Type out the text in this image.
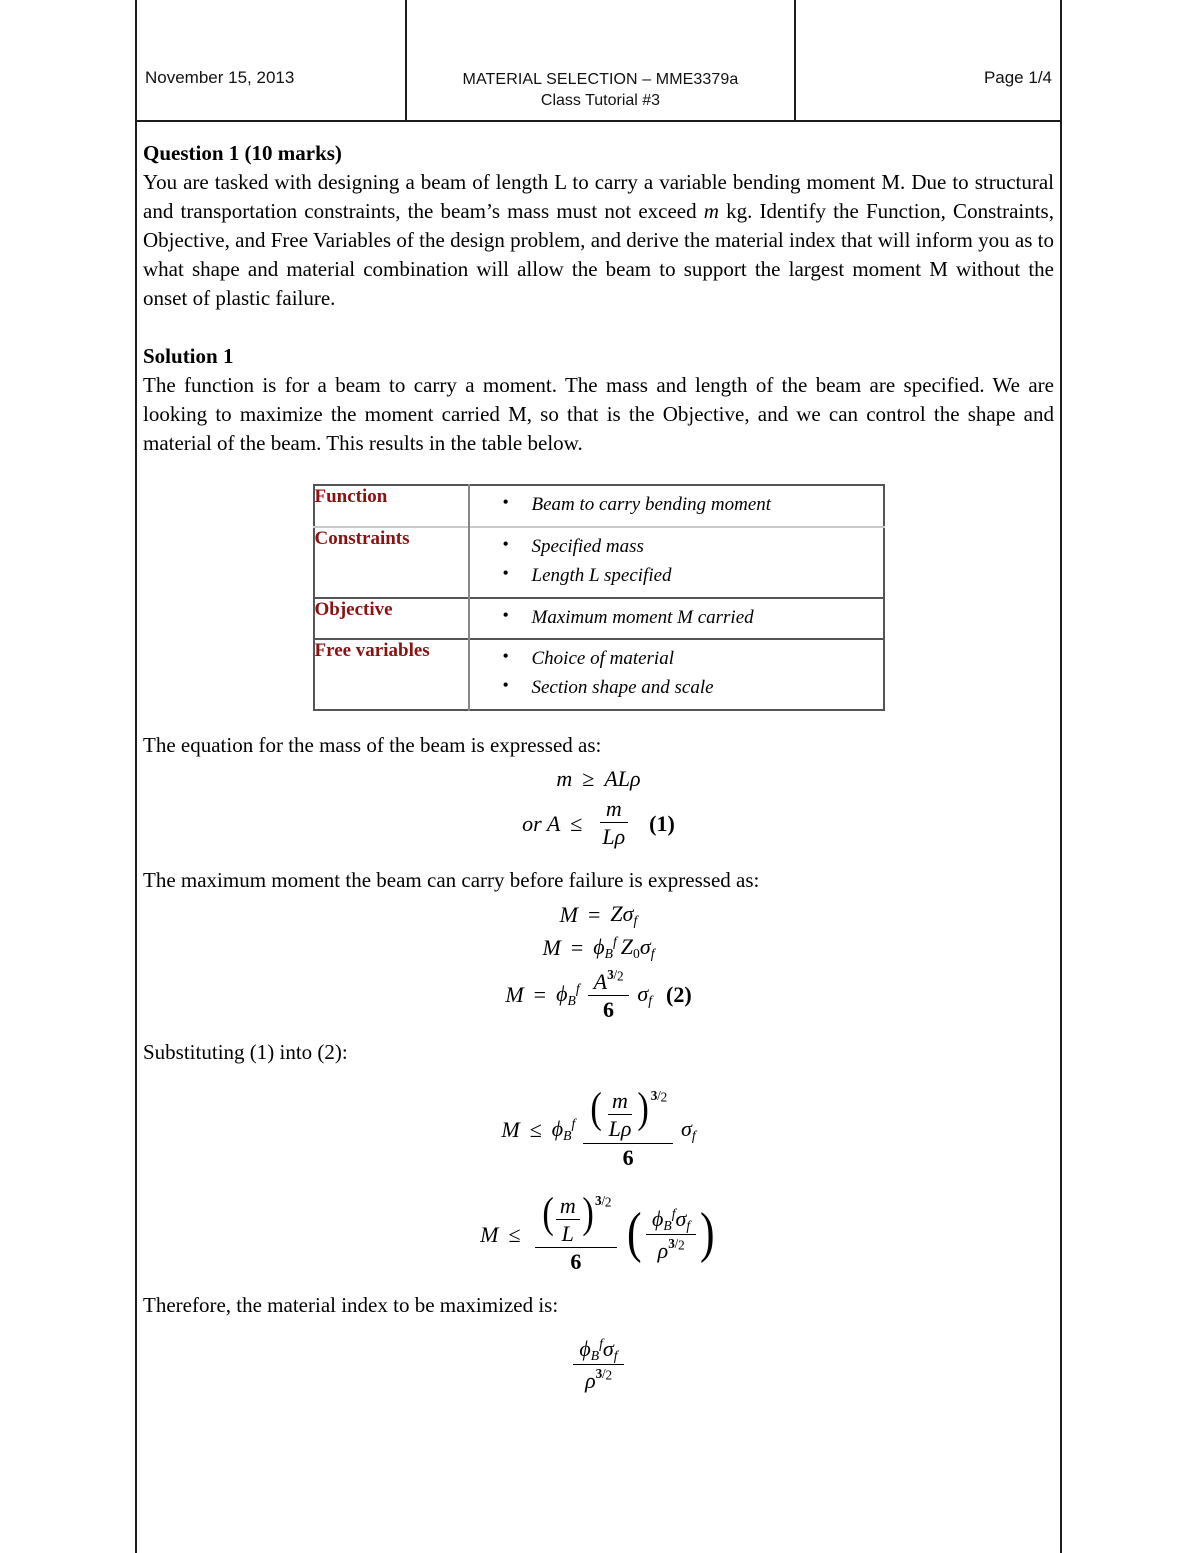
November 15, 2013	MATERIAL SELECTION – MME3379a
Class Tutorial #3
Page 1/4
Question 1 (10 marks)

You are tasked with designing a beam of length L to carry a variable bending moment M. Due to structural and transportation constraints, the beam’s mass must not exceed m kg. Identify the Function, Constraints, Objective, and Free Variables of the design problem, and derive the material index that will inform you as to what shape and material combination will allow the beam to support the largest moment M without the onset of plastic failure.

Solution 1

The function is for a beam to carry a moment. The mass and length of the beam are specified. We are looking to maximize the moment carried M, so that is the Objective, and we can control the shape and material of the beam. This results in the table below.

Function	
•Beam to carry bending moment

Constraints	
•Specified mass
• Length L specified

Objective	
•Maximum moment M carried

Free variables	
•Choice of material
• Section shape and scale

The equation for the mass of the beam is expressed as:

m ≥ ALρ
or $A \le \frac{m}{L\rho} (1)$

The maximum moment the beam can carry before failure is expressed as:

$M = Z\sigma_f$
$M = \phi_B^f$ $Z_0\sigma_f$
$M = \phi_B^f \frac{A^{3/_2}}{6} \sigma_f$ (2)

Substituting (1) into (2):

$M \le \phi_B^f$ ( $\frac{m}{L\rho}$ ) $3/_2$
6
$\sigma_f$
M ≤ ( $\frac{m}{L}$ ) $3/_2$
6 ( $\frac{\phi_B^f\sigma_f}{\rho^{3/_2}}$ )

Therefore, the material index to be maximized is:

$\frac{\phi_B^f\sigma_f}{\rho^{3/_2}}$
